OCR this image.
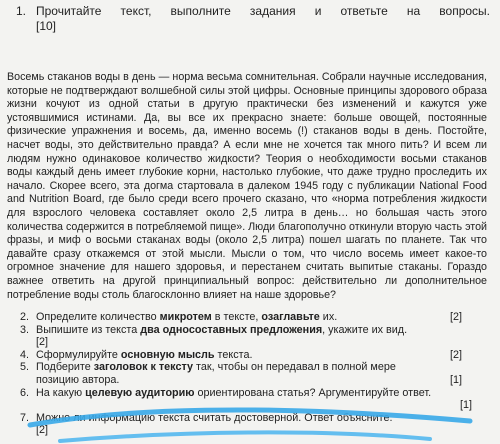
1. Прочитайте текст, выполните задания и ответьте на вопросы.
[10]
Восемь стаканов воды в день — норма весьма сомнительная. Собрали научные исследования, которые не подтверждают волшебной силы этой цифры. Основные принципы здорового образа жизни кочуют из одной статьи в другую практически без изменений и кажутся уже устоявшимися истинами. Да, вы все их прекрасно знаете: больше овощей, постоянные физические упражнения и восемь, да, именно восемь (!) стаканов воды в день. Постойте, насчет воды, это действительно правда? А если мне не хочется так много пить? И всем ли людям нужно одинаковое количество жидкости? Теория о необходимости восьми стаканов воды каждый день имеет глубокие корни, настолько глубокие, что даже трудно проследить их начало. Скорее всего, эта догма стартовала в далеком 1945 году с публикации National Food and Nutrition Board, где было среди всего прочего сказано, что «норма потребления жидкости для взрослого человека составляет около 2,5 литра в день… но большая часть этого количества содержится в потребляемой пище». Люди благополучно откинули вторую часть этой фразы, и миф о восьми стаканах воды (около 2,5 литра) пошел шагать по планете. Так что давайте сразу откажемся от этой мысли. Мысли о том, что число восемь имеет какое-то огромное значение для нашего здоровья, и перестанем считать выпитые стаканы. Гораздо важнее ответить на другой принципиальный вопрос: действительно ли дополнительное потребление воды столь благосклонно влияет на наше здоровье?
2. Определите количество микротем в тексте, озаглавьте их.	[2]
3. Выпишите из текста два односоставных предложения, укажите их вид.
[2]
4. Сформулируйте основную мысль текста.	[2]
5. Подберите заголовок к тексту так, чтобы он передавал в полной мере позицию автора.	[1]
6. На какую целевую аудиторию ориентирована статья? Аргументируйте ответ.
[1]
7. Можно ли информацию текста считать достоверной. Ответ объясните.
[2]
